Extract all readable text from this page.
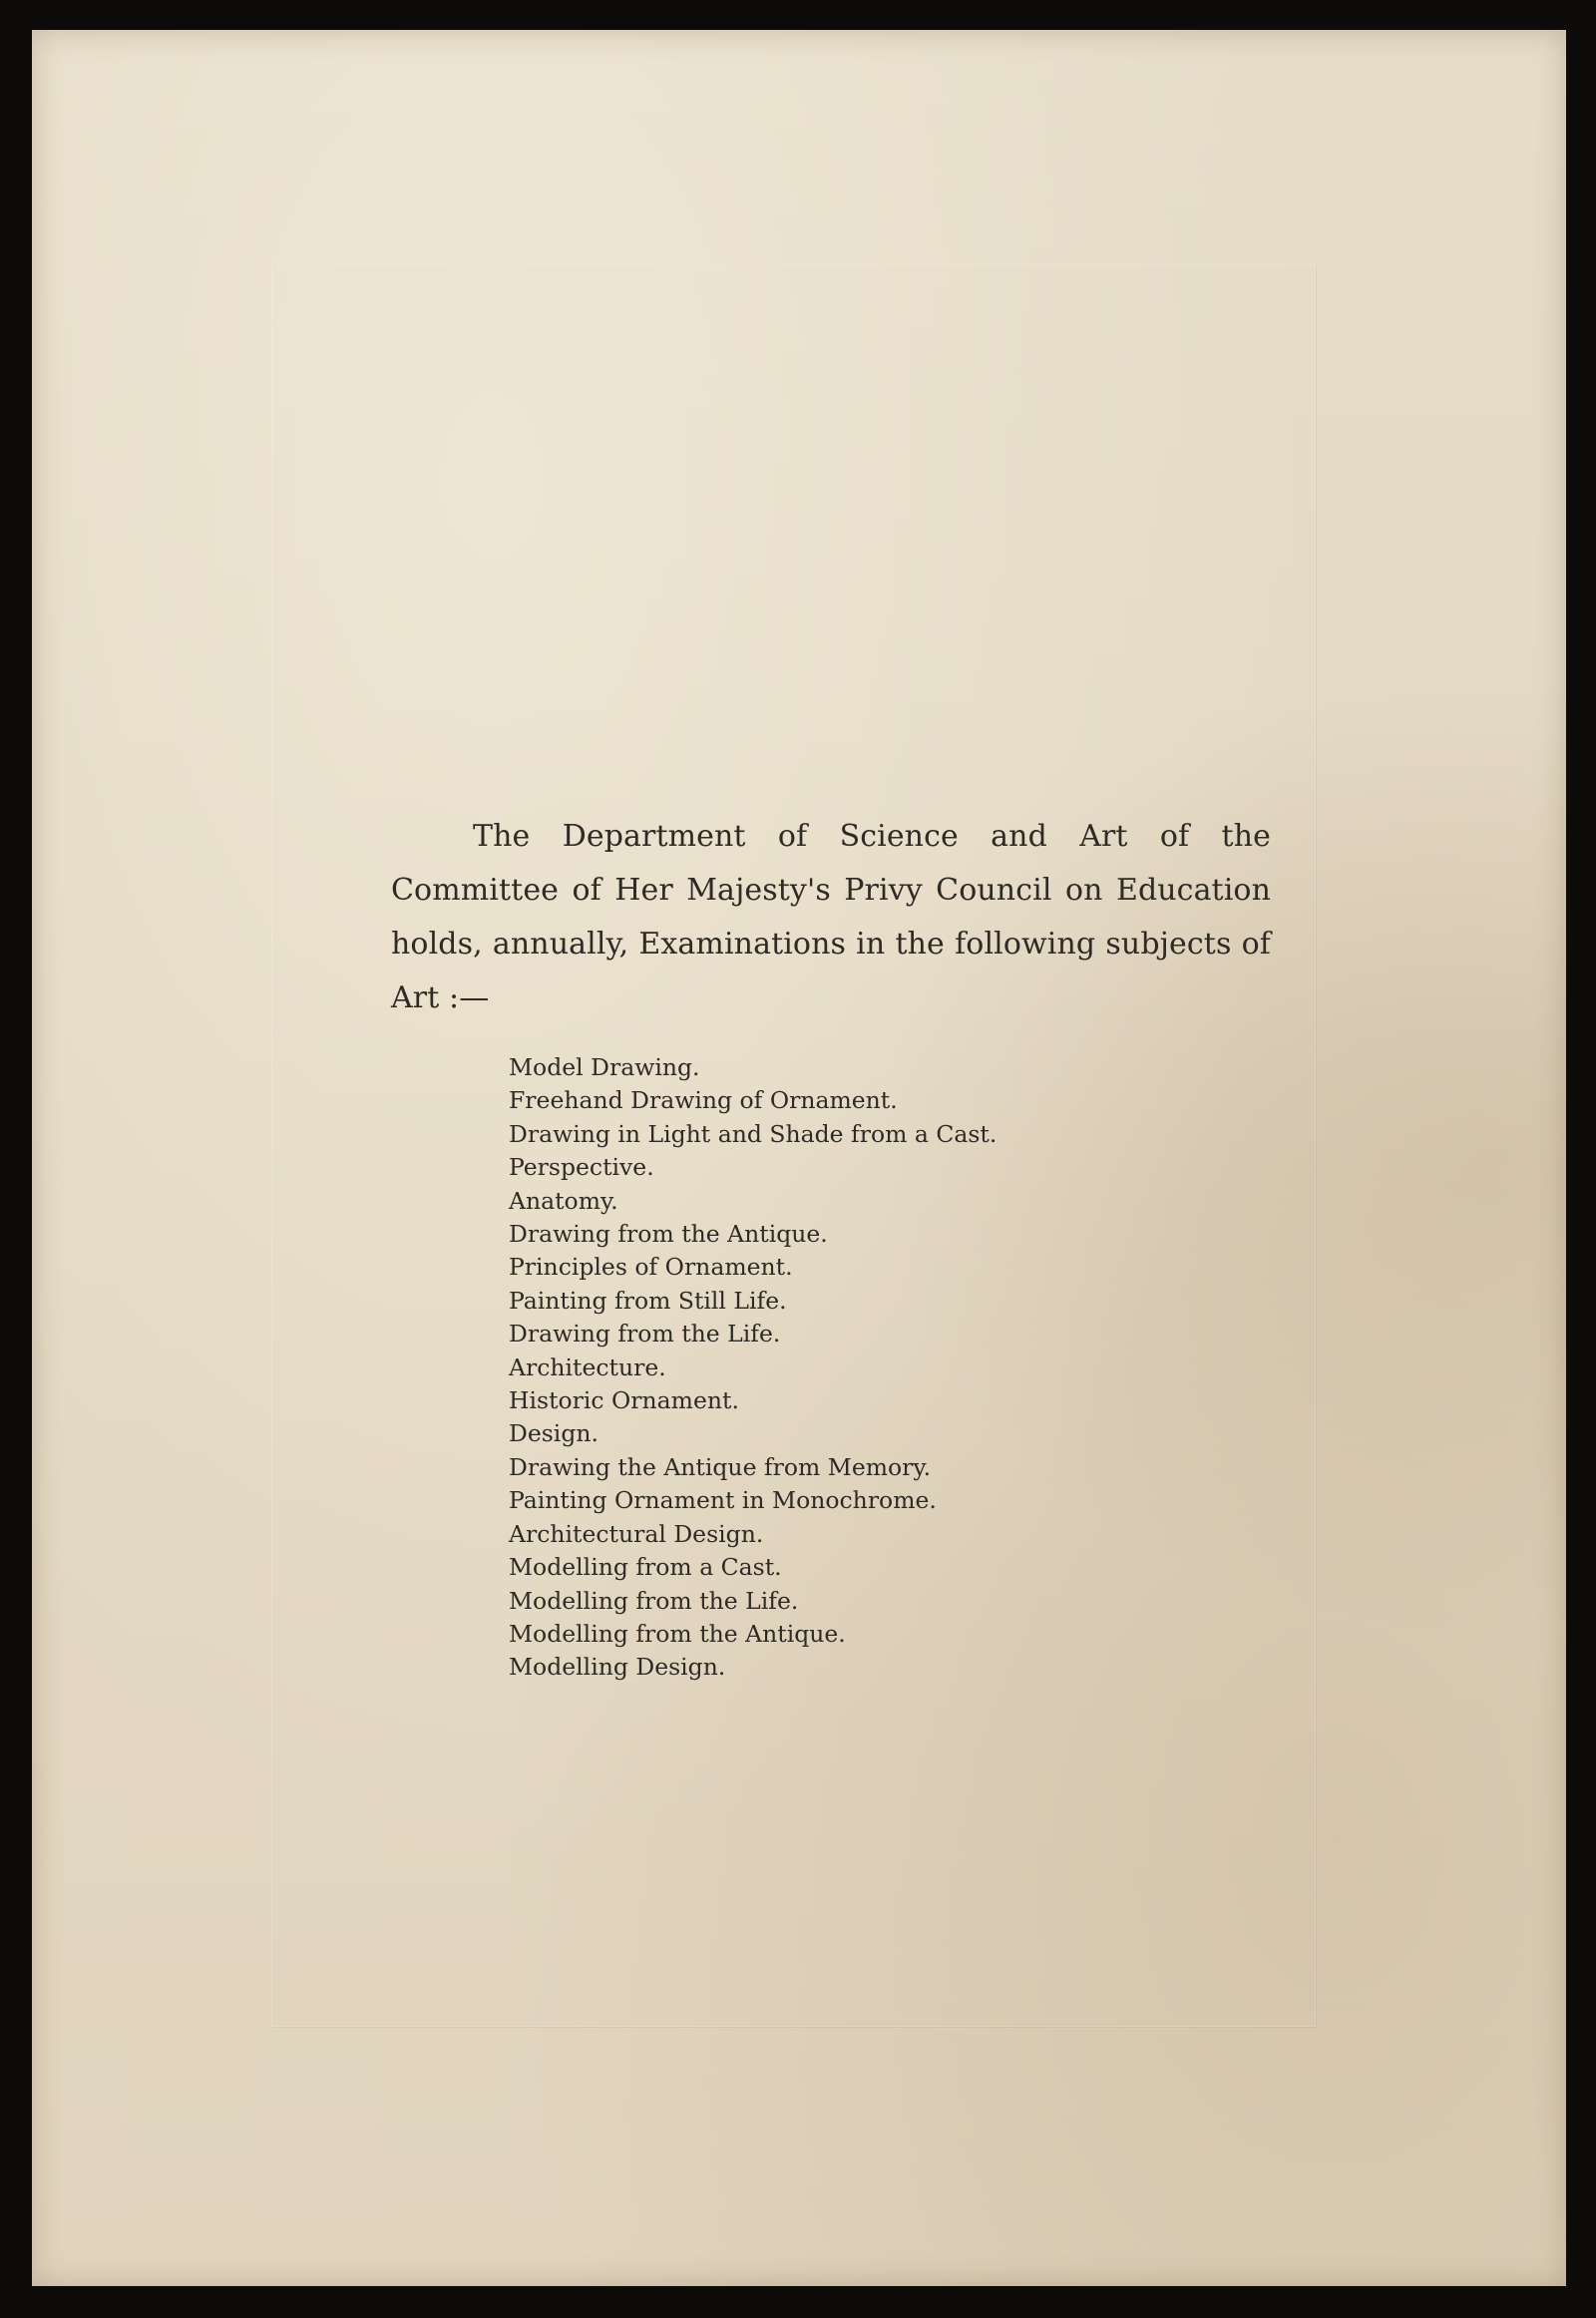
The Department of Science and Art of the Committee of Her Majesty's Privy Council on Education holds, annually, Examinations in the following subjects of Art :—

Model Drawing.
Freehand Drawing of Ornament.
Drawing in Light and Shade from a Cast.
Perspective.
Anatomy.
Drawing from the Antique.
Principles of Ornament.
Painting from Still Life.
Drawing from the Life.
Architecture.
Historic Ornament.
Design.
Drawing the Antique from Memory.
Painting Ornament in Monochrome.
Architectural Design.
Modelling from a Cast.
Modelling from the Life.
Modelling from the Antique.
Modelling Design.
